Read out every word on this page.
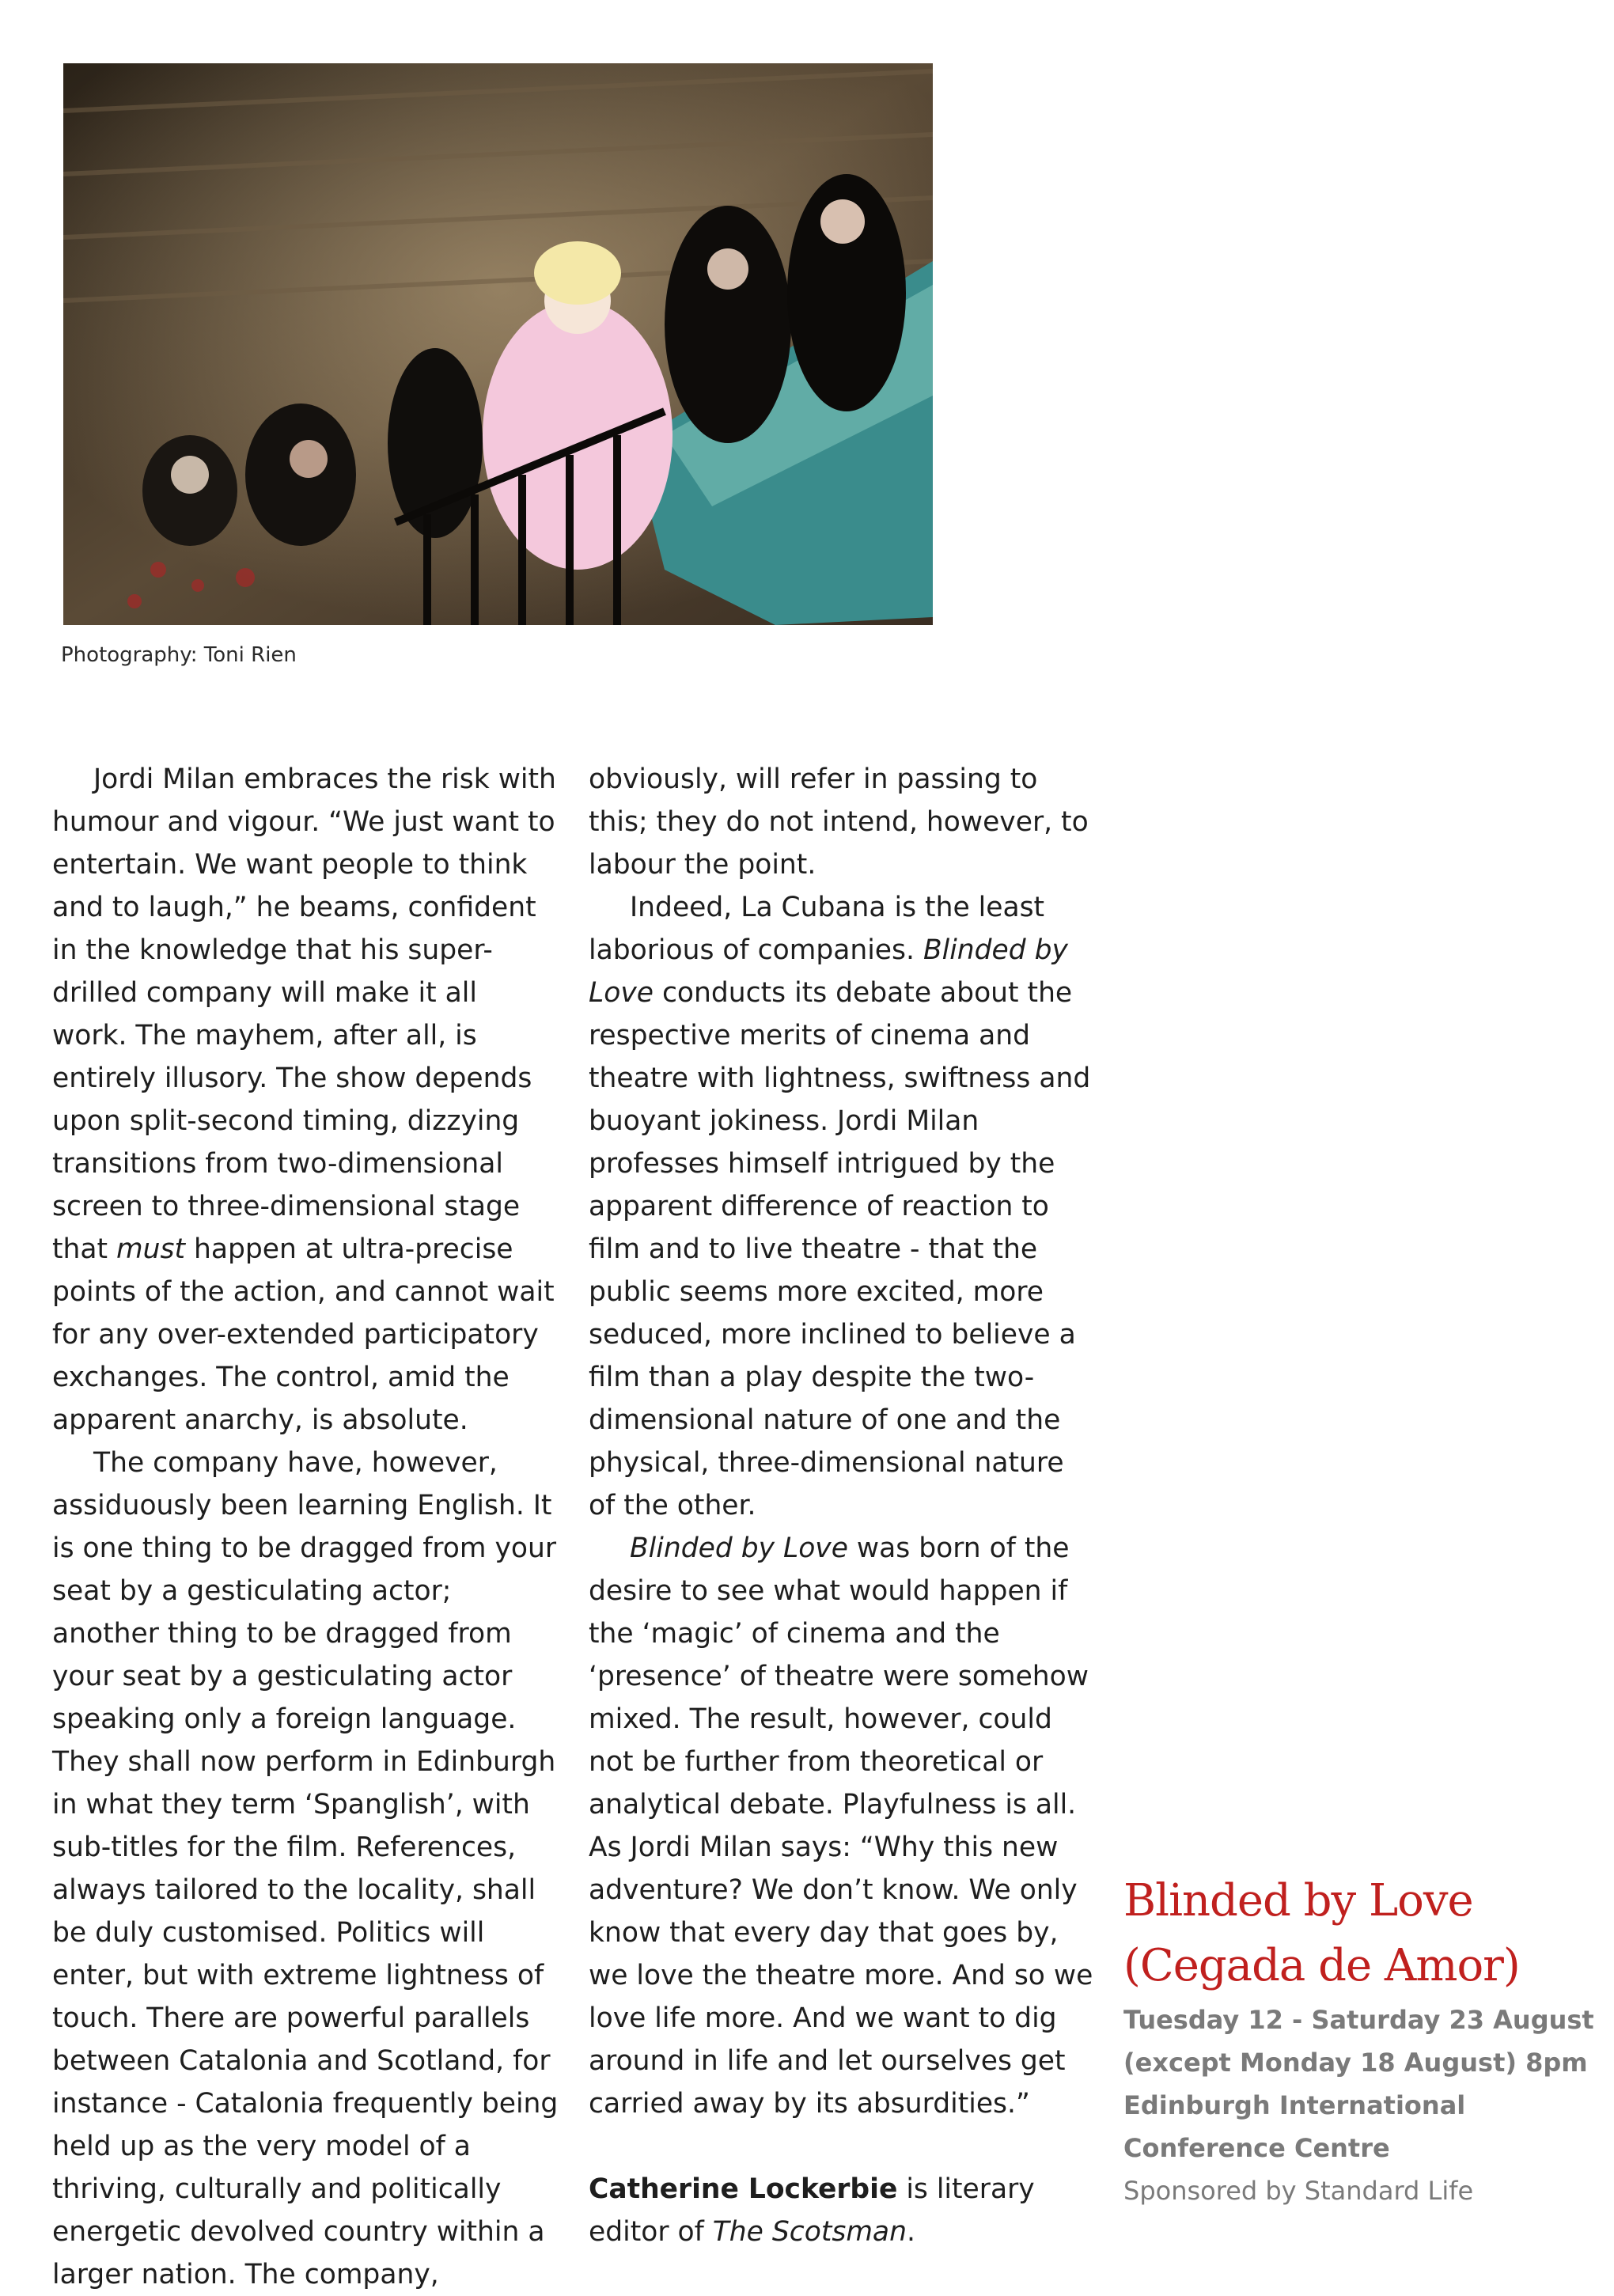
Photography: Toni Rien

Jordi Milan embraces the risk with humour and vigour. “We just want to entertain. We want people to think and to laugh,” he beams, confident in the knowledge that his super-drilled company will make it all work. The mayhem, after all, is entirely illusory. The show depends upon split-second timing, dizzying transitions from two-dimensional screen to three-dimensional stage that must happen at ultra-precise points of the action, and cannot wait for any over-extended participatory exchanges. The control, amid the apparent anarchy, is absolute.

The company have, however, assiduously been learning English. It is one thing to be dragged from your seat by a gesticulating actor; another thing to be dragged from your seat by a gesticulating actor speaking only a foreign language. They shall now perform in Edinburgh in what they term ‘Spanglish’, with sub-titles for the film. References, always tailored to the locality, shall be duly customised. Politics will enter, but with extreme lightness of touch. There are powerful parallels between Catalonia and Scotland, for instance - Catalonia frequently being held up as the very model of a thriving, culturally and politically energetic devolved country within a larger nation. The company,

obviously, will refer in passing to this; they do not intend, however, to labour the point.

Indeed, La Cubana is the least laborious of companies. Blinded by Love conducts its debate about the respective merits of cinema and theatre with lightness, swiftness and buoyant jokiness. Jordi Milan professes himself intrigued by the apparent difference of reaction to film and to live theatre - that the public seems more excited, more seduced, more inclined to believe a film than a play despite the two-dimensional nature of one and the physical, three-dimensional nature of the other.

Blinded by Love was born of the desire to see what would happen if the ‘magic’ of cinema and the ‘presence’ of theatre were somehow mixed. The result, however, could not be further from theoretical or analytical debate. Playfulness is all. As Jordi Milan says: “Why this new adventure? We don’t know. We only know that every day that goes by, we love the theatre more. And so we love life more. And we want to dig around in life and let ourselves get carried away by its absurdities.”

Catherine Lockerbie is literary editor of The Scotsman.

Blinded by Love
(Cegada de Amor)
Tuesday 12 - Saturday 23 August (except Monday 18 August) 8pm
Edinburgh International Conference Centre
Sponsored by Standard Life
